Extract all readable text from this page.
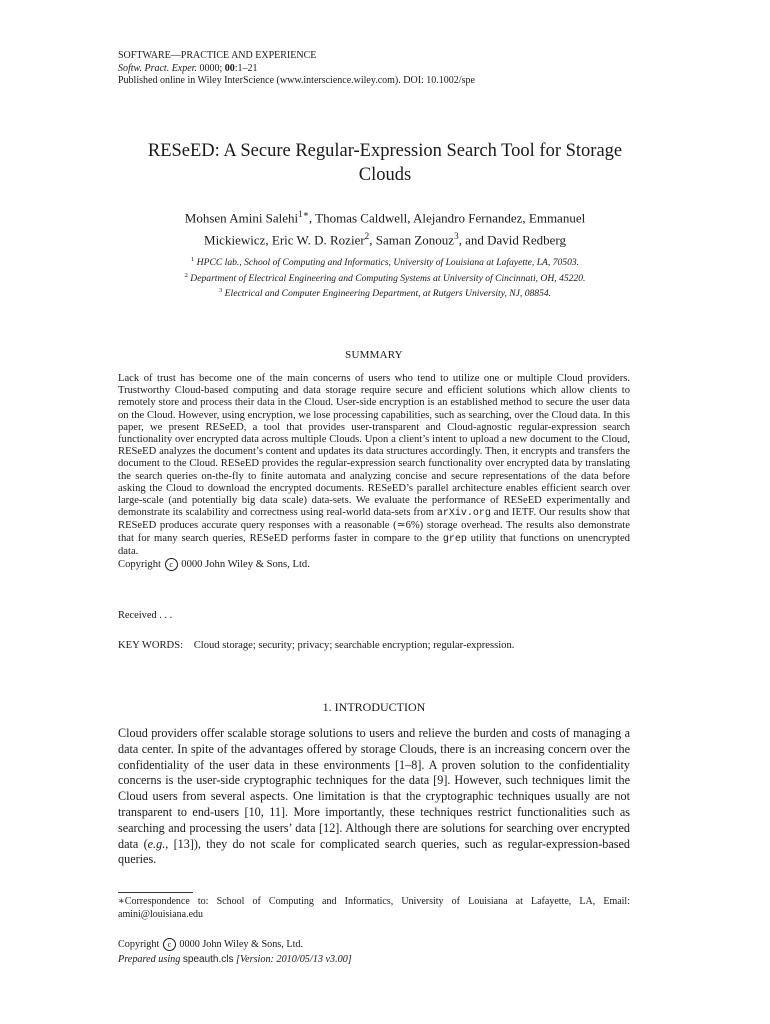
SOFTWARE—PRACTICE AND EXPERIENCE
Softw. Pract. Exper. 0000; 00:1–21
Published online in Wiley InterScience (www.interscience.wiley.com). DOI: 10.1002/spe
RESeED: A Secure Regular-Expression Search Tool for Storage
Clouds
Mohsen Amini Salehi$^{1∗}$, Thomas Caldwell, Alejandro Fernandez, Emmanuel
Mickiewicz, Eric W. D. Rozier$^2$, Saman Zonouz$^3$, and David Redberg
$^1$ HPCC lab., School of Computing and Informatics, University of Louisiana at Lafayette, LA, 70503.
$^2$ Department of Electrical Engineering and Computing Systems at University of Cincinnati, OH, 45220.
$^3$ Electrical and Computer Engineering Department, at Rutgers University, NJ, 08854.
SUMMARY
Lack of trust has become one of the main concerns of users who tend to utilize one or multiple Cloud providers. Trustworthy Cloud-based computing and data storage require secure and efficient solutions which allow clients to remotely store and process their data in the Cloud. User-side encryption is an established method to secure the user data on the Cloud. However, using encryption, we lose processing capabilities, such as searching, over the Cloud data. In this paper, we present RESeED, a tool that provides user-transparent and Cloud-agnostic regular-expression search functionality over encrypted data across multiple Clouds. Upon a client’s intent to upload a new document to the Cloud, RESeED analyzes the document’s content and updates its data structures accordingly. Then, it encrypts and transfers the document to the Cloud. RESeED provides the regular-expression search functionality over encrypted data by translating the search queries on-the-fly to finite automata and analyzing concise and secure representations of the data before asking the Cloud to download the encrypted documents. RESeED’s parallel architecture enables efficient search over large-scale (and potentially big data scale) data-sets. We evaluate the performance of RESeED experimentally and demonstrate its scalability and correctness using real-world data-sets from arXiv.org and IETF. Our results show that RESeED produces accurate query responses with a reasonable (≃6%) storage overhead. The results also demonstrate that for many search queries, RESeED performs faster in compare to the grep utility that functions on unencrypted data.
Copyright c 0000 John Wiley & Sons, Ltd.
Received . . .
KEY WORDS: Cloud storage; security; privacy; searchable encryption; regular-expression.
1. INTRODUCTION
Cloud providers offer scalable storage solutions to users and relieve the burden and costs of managing a data center. In spite of the advantages offered by storage Clouds, there is an increasing concern over the confidentiality of the user data in these environments [1–8]. A proven solution to the confidentiality concerns is the user-side cryptographic techniques for the data [9]. However, such techniques limit the Cloud users from several aspects. One limitation is that the cryptographic techniques usually are not transparent to end-users [10, 11]. More importantly, these techniques restrict functionalities such as searching and processing the users’ data [12]. Although there are solutions for searching over encrypted data (e.g., [13]), they do not scale for complicated search queries, such as regular-expression-based queries.
∗Correspondence to: School of Computing and Informatics, University of Louisiana at Lafayette, LA, Email: amini@louisiana.edu
Copyright c 0000 John Wiley & Sons, Ltd.
Prepared using speauth.cls [Version: 2010/05/13 v3.00]
